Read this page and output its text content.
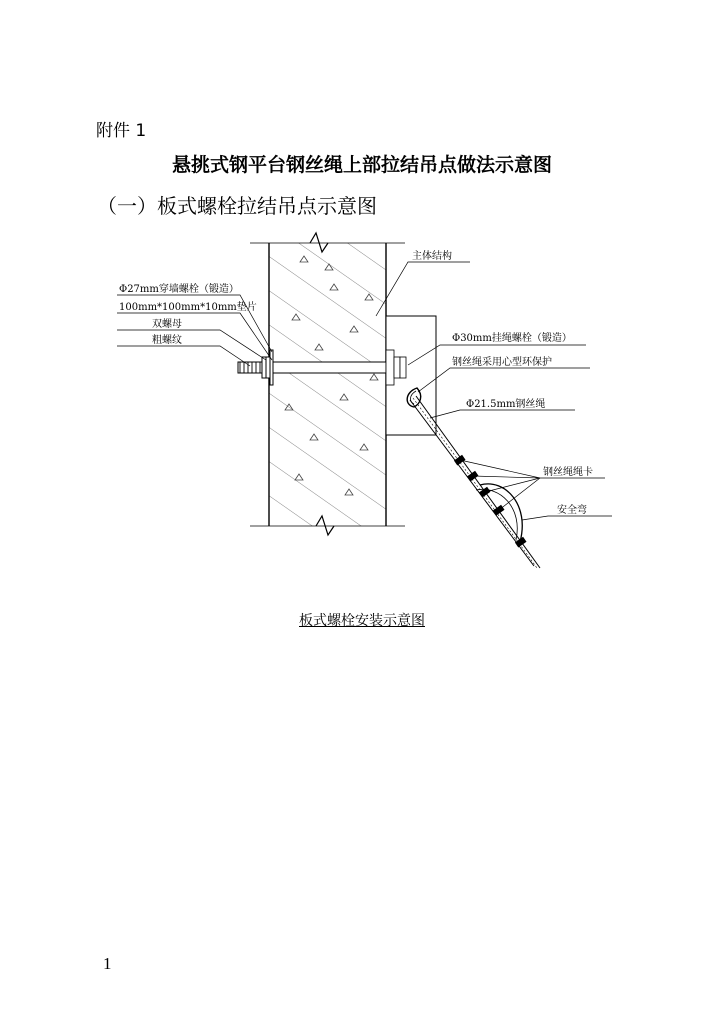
附件 1
悬挑式钢平台钢丝绳上部拉结吊点做法示意图
（一）板式螺栓拉结吊点示意图
主体结构
Φ27mm穿墙螺栓（锻造）
100mm*100mm*10mm垫片
双螺母
粗螺纹	Φ30mm挂绳螺栓（锻造）
钢丝绳采用心型环保护
Φ21.5mm钢丝绳
钢丝绳绳卡
安全弯
板式螺栓安装示意图
1
